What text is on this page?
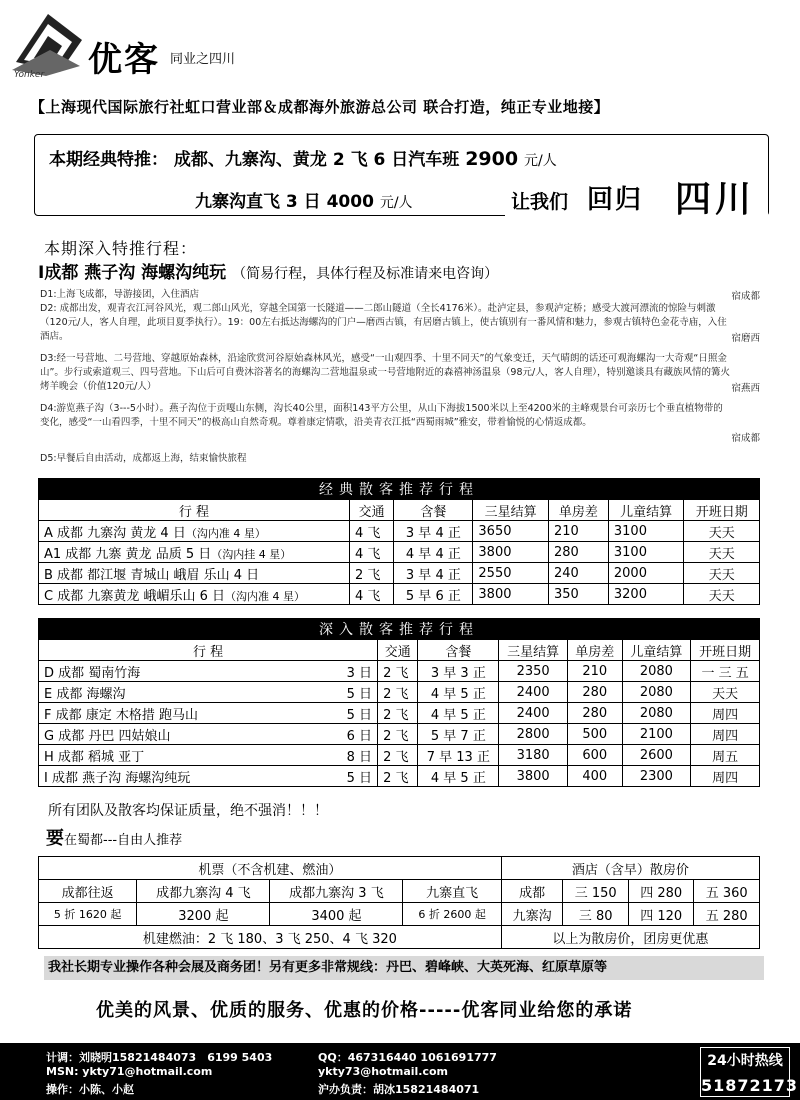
优客 同业之四川
Yonker
【上海现代国际旅行社虹口营业部＆成都海外旅游总公司 联合打造，纯正专业地接】
本期经典特推： 成都、九寨沟、黄龙 2 飞 6 日汽车班 2900 元/人
九寨沟直飞 3 日 4000 元/人	让我们 回归 四川
本期深入特推行程：
Ⅰ成都 燕子沟 海螺沟纯玩 （简易行程，具体行程及标准请来电咨询）
D1:上海飞成都，导游接团，入住酒店	宿成都
D2: 成都出发，观青衣江河谷风光，观二郎山风光，穿越全国第一长隧道——二郎山隧道（全长4176米）。赴泸定县，参观泸定桥；感受大渡河漂流的惊险与刺激（120元/人，客人自理，此项目夏季执行）。19：00左右抵达海螺沟的门户—磨西古镇，有居磨古镇上，使古镇别有一番风情和魅力，参观古镇特色金花寺庙，入住酒店。	宿磨西
D3:经一号营地、二号营地、穿越原始森林，沿途欣赏河谷原始森林风光，感受“一山观四季、十里不同天”的气象变迁，天气晴朗的话还可观海螺沟一大奇观“日照金山”。步行或索道观三、四号营地。下山后可自费沐浴著名的海螺沟二营地温泉或一号营地附近的森禧神汤温泉（98元/人，客人自理），特别邀谈具有藏族风情的篝火烤羊晚会（价值120元/人）	宿燕西
D4:游览燕子沟（3---5小时）。燕子沟位于贡嘎山东侧，沟长40公里，面积143平方公里，从山下海拔1500米以上至4200米的主峰观景台可亲历七个垂直植物带的变化，感受“一山看四季，十里不同天”的极高山自然奇观。尊着康定情歌，沿美青衣江抵“西蜀雨城”雅安，带着愉悦的心情返成都。
宿成都
D5:早餐后自由活动，成都返上海，结束愉快旅程
经典散客推荐行程						
行 程	交通	含餐	三星结算	单房差	儿童结算	开班日期
A 成都 九寨沟 黄龙 4 日（沟内准 4 星）	4 飞	3 早 4 正	3650	210	3100	天天
A1 成都 九寨 黄龙 品质 5 日（沟内挂 4 星）	4 飞	4 早 4 正	3800	280	3100	天天
B 成都 都江堰 青城山 峨眉 乐山 4 日	2 飞	3 早 4 正	2550	240	2000	天天
C 成都 九寨黄龙 峨嵋乐山 6 日（沟内准 4 星）	4 飞	5 早 6 正	3800	350	3200	天天
深入散客推荐行程							
行 程		交通	含餐	三星结算	单房差	儿童结算	开班日期
D 成都 蜀南竹海	3 日	2 飞	3 早 3 正	2350	210	2080	一 三 五
E 成都 海螺沟	5 日	2 飞	4 早 5 正	2400	280	2080	天天
F 成都 康定 木格措 跑马山	5 日	2 飞	4 早 5 正	2400	280	2080	周四
G 成都 丹巴 四姑娘山	6 日	2 飞	5 早 7 正	2800	500	2100	周四
H 成都 稻城 亚丁	8 日	2 飞	7 早 13 正	3180	600	2600	周五
I 成都 燕子沟 海螺沟纯玩	5 日	2 飞	4 早 5 正	3800	400	2300	周四
所有团队及散客均保证质量，绝不强消！！！
要在蜀都---自由人推荐
机票（不含机建、燃油）				酒店（含早）散房价			
成都往返	成都九寨沟 4 飞	成都九寨沟 3 飞	九寨直飞	成都	三 150	四 280	五 360
5 折 1620 起	3200 起	3400 起	6 折 2600 起	九寨沟	三 80	四 120	五 280
机建燃油：2 飞 180、3 飞 250、4 飞 320				以上为散房价，团房更优惠			
我社长期专业操作各种会展及商务团！另有更多非常规线：丹巴、碧峰峡、大英死海、红原草原等
优美的风景、优质的服务、优惠的价格-----优客同业给您的承诺
计调：刘晓明15821484073　6199 5403
MSN: ykty71@hotmail.com
操作：小陈、小赵
QQ：467316440 1061691777
ykty73@hotmail.com
沪办负责：胡冰15821484071
24小时热线
51872173
